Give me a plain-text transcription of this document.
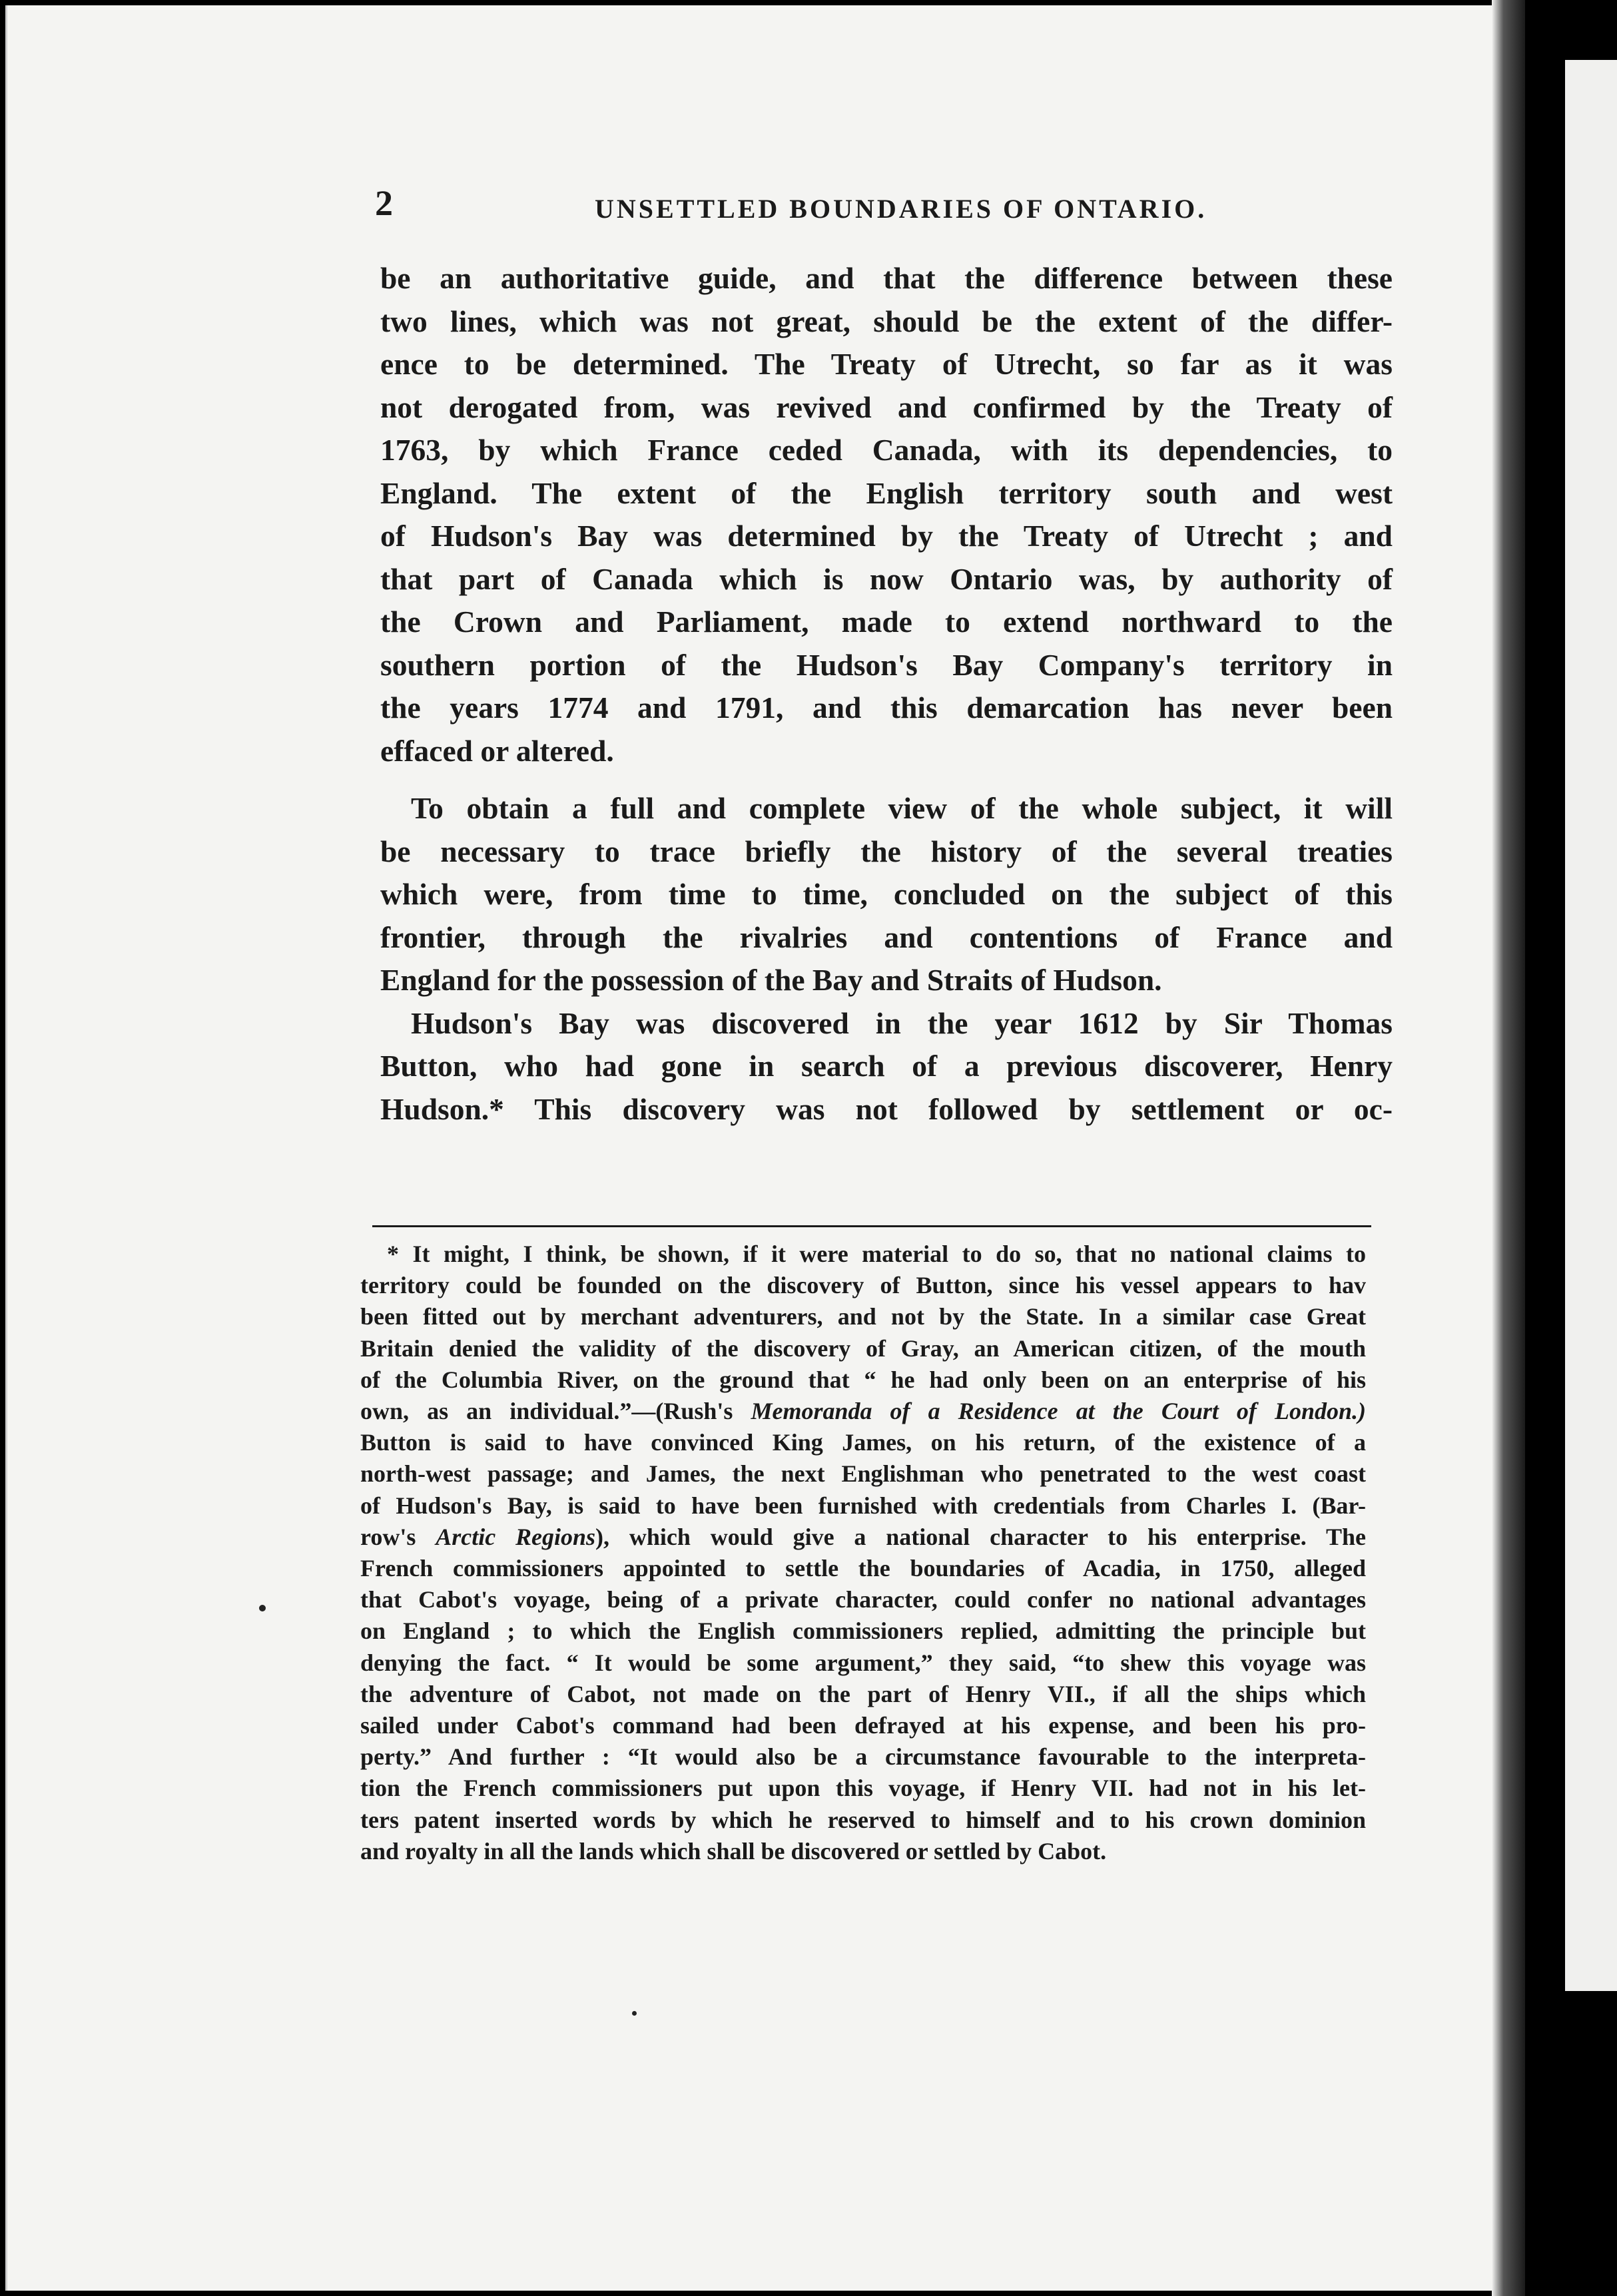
2	UNSETTLED BOUNDARIES OF ONTARIO.
be an authoritative guide, and that the difference between these
two lines, which was not great, should be the extent of the differ-
ence to be determined. The Treaty of Utrecht, so far as it was
not derogated from, was revived and confirmed by the Treaty of
1763, by which France ceded Canada, with its dependencies, to
England. The extent of the English territory south and west
of Hudson's Bay was determined by the Treaty of Utrecht ; and
that part of Canada which is now Ontario was, by authority of
the Crown and Parliament, made to extend northward to the
southern portion of the Hudson's Bay Company's territory in
the years 1774 and 1791, and this demarcation has never been
effaced or altered.
To obtain a full and complete view of the whole subject, it will
be necessary to trace briefly the history of the several treaties
which were, from time to time, concluded on the subject of this
frontier, through the rivalries and contentions of France and
England for the possession of the Bay and Straits of Hudson.
Hudson's Bay was discovered in the year 1612 by Sir Thomas
Button, who had gone in search of a previous discoverer, Henry
Hudson.* This discovery was not followed by settlement or oc-
* It might, I think, be shown, if it were material to do so, that no national claims to
territory could be founded on the discovery of Button, since his vessel appears to hav
been fitted out by merchant adventurers, and not by the State. In a similar case Great
Britain denied the validity of the discovery of Gray, an American citizen, of the mouth
of the Columbia River, on the ground that “ he had only been on an enterprise of his
own, as an individual.”—(Rush's Memoranda of a Residence at the Court of London.)
Button is said to have convinced King James, on his return, of the existence of a
north-west passage; and James, the next Englishman who penetrated to the west coast
of Hudson's Bay, is said to have been furnished with credentials from Charles I. (Bar-
row's Arctic Regions), which would give a national character to his enterprise. The
French commissioners appointed to settle the boundaries of Acadia, in 1750, alleged
that Cabot's voyage, being of a private character, could confer no national advantages
on England ; to which the English commissioners replied, admitting the principle but
denying the fact. “ It would be some argument,” they said, “to shew this voyage was
the adventure of Cabot, not made on the part of Henry VII., if all the ships which
sailed under Cabot's command had been defrayed at his expense, and been his pro-
perty.” And further : “It would also be a circumstance favourable to the interpreta-
tion the French commissioners put upon this voyage, if Henry VII. had not in his let-
ters patent inserted words by which he reserved to himself and to his crown dominion
and royalty in all the lands which shall be discovered or settled by Cabot.
